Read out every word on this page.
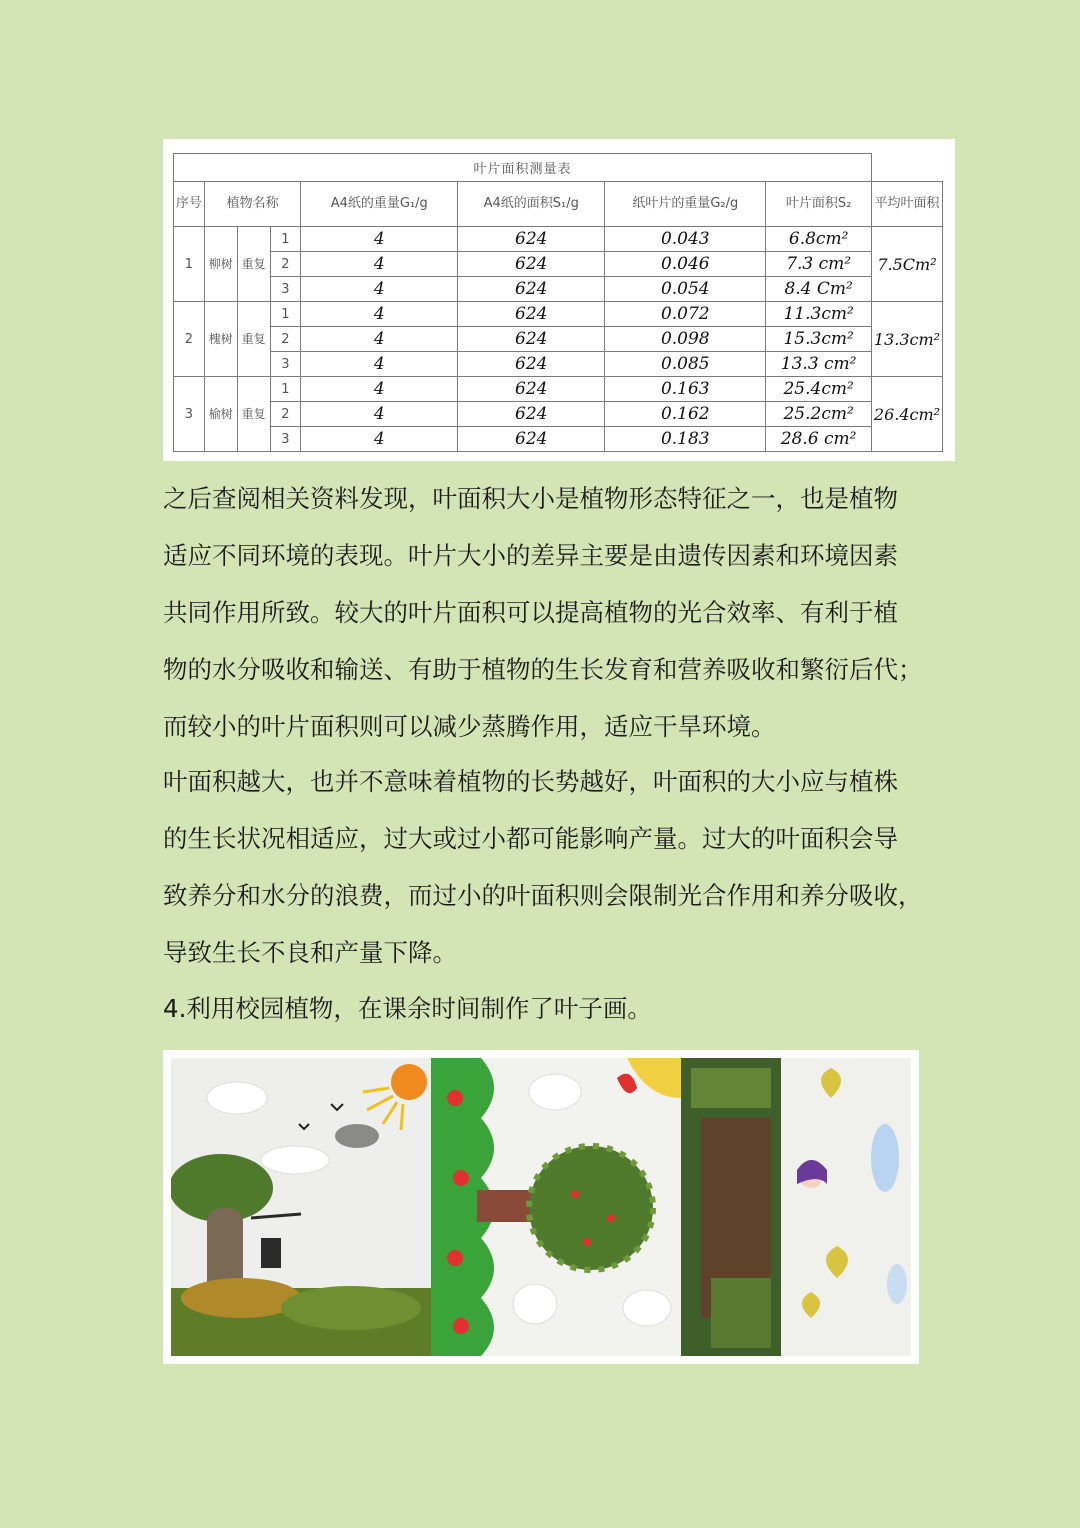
叶片面积测量表								
序号	植物名称			A4纸的重量G₁/g	A4纸的面积S₁/g	纸叶片的重量G₂/g	叶片面积S₂	平均叶面积
1	柳树	重复	1	4	624	0.043	6.8cm²	7.5Cm²
			2	4	624	0.046	7.3 cm²	
			3	4	624	0.054	8.4 Cm²	
2	槐树	重复	1	4	624	0.072	11.3cm²	13.3cm²
			2	4	624	0.098	15.3cm²	
			3	4	624	0.085	13.3 cm²	
3	榆树	重复	1	4	624	0.163	25.4cm²	26.4cm²
			2	4	624	0.162	25.2cm²	
			3	4	624	0.183	28.6 cm²	
之后查阅相关资料发现，叶面积大小是植物形态特征之一，也是植物
适应不同环境的表现。叶片大小的差异主要是由遗传因素和环境因素
共同作用所致。较大的叶片面积可以提高植物的光合效率、有利于植
物的水分吸收和输送、有助于植物的生长发育和营养吸收和繁衍后代；
而较小的叶片面积则可以减少蒸腾作用，适应干旱环境。
叶面积越大，也并不意味着植物的长势越好，叶面积的大小应与植株
的生长状况相适应，过大或过小都可能影响产量。过大的叶面积会导
致养分和水分的浪费，而过小的叶面积则会限制光合作用和养分吸收，
导致生长不良和产量下降。
4.利用校园植物，在课余时间制作了叶子画。
